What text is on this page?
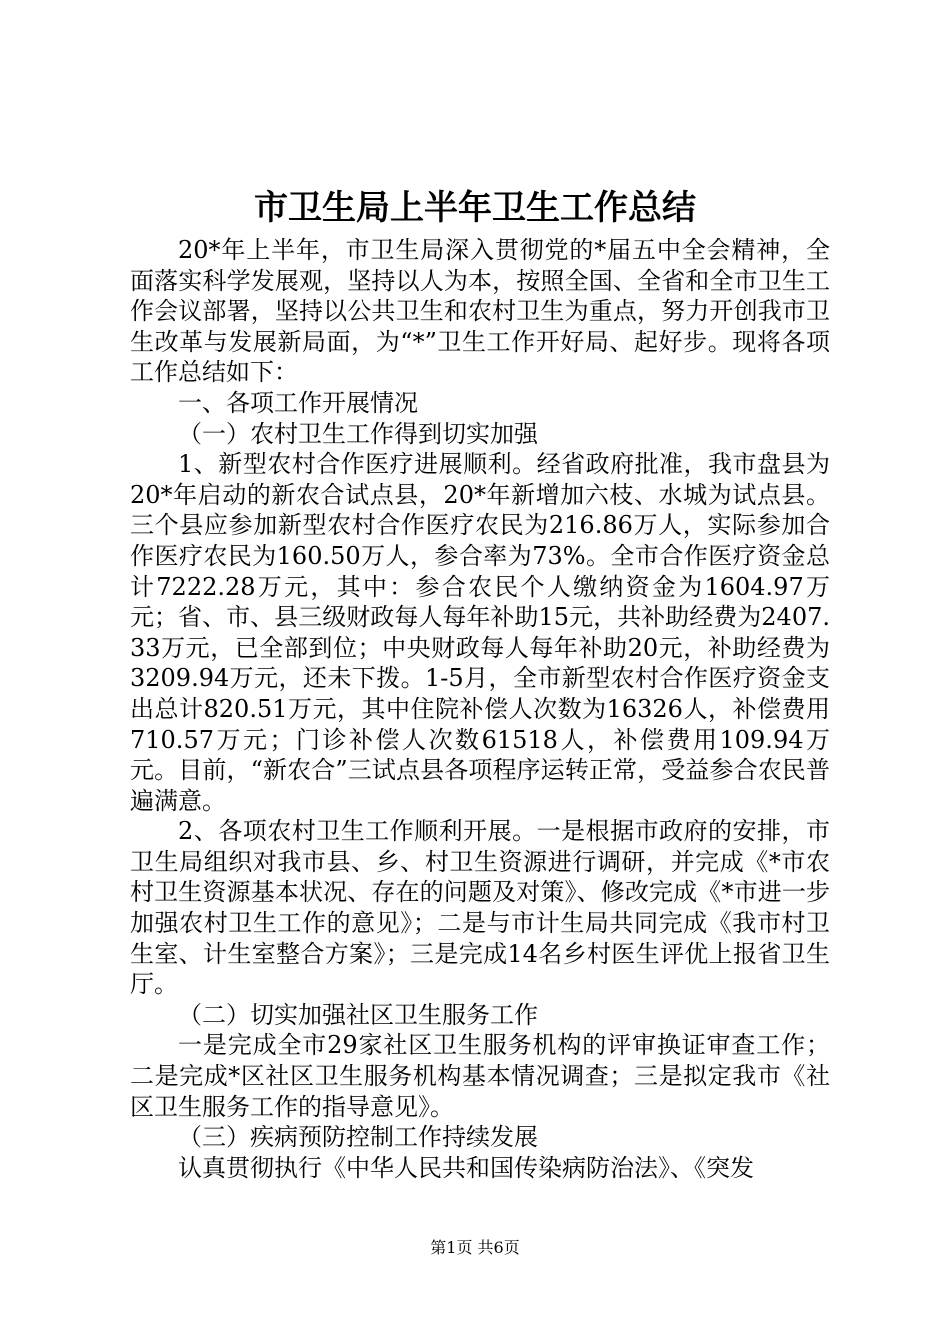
市卫生局上半年卫生工作总结

20*年上半年，市卫生局深入贯彻党的*届五中全会精神，全面落实科学发展观，坚持以人为本，按照全国、全省和全市卫生工作会议部署，坚持以公共卫生和农村卫生为重点，努力开创我市卫生改革与发展新局面，为“*”卫生工作开好局、起好步。现将各项工作总结如下：

一、各项工作开展情况

（一）农村卫生工作得到切实加强

1、新型农村合作医疗进展顺利。经省政府批准，我市盘县为20*年启动的新农合试点县，20*年新增加六枝、水城为试点县。三个县应参加新型农村合作医疗农民为216.86万人，实际参加合作医疗农民为160.50万人，参合率为73%。全市合作医疗资金总计7222.28万元，其中：参合农民个人缴纳资金为1604.97万元；省、市、县三级财政每人每年补助15元，共补助经费为2407.33万元，已全部到位；中央财政每人每年补助20元，补助经费为3209.94万元，还未下拨。1-5月，全市新型农村合作医疗资金支出总计820.51万元，其中住院补偿人次数为16326人，补偿费用710.57万元；门诊补偿人次数61518人，补偿费用109.94万元。目前，“新农合”三试点县各项程序运转正常，受益参合农民普遍满意。

2、各项农村卫生工作顺利开展。一是根据市政府的安排，市卫生局组织对我市县、乡、村卫生资源进行调研，并完成《*市农村卫生资源基本状况、存在的问题及对策》、修改完成《*市进一步加强农村卫生工作的意见》；二是与市计生局共同完成《我市村卫生室、计生室整合方案》；三是完成14名乡村医生评优上报省卫生厅。

（二）切实加强社区卫生服务工作

一是完成全市29家社区卫生服务机构的评审换证审查工作；二是完成*区社区卫生服务机构基本情况调查；三是拟定我市《社区卫生服务工作的指导意见》。

（三）疾病预防控制工作持续发展

认真贯彻执行《中华人民共和国传染病防治法》、《突发

第1页 共6页
